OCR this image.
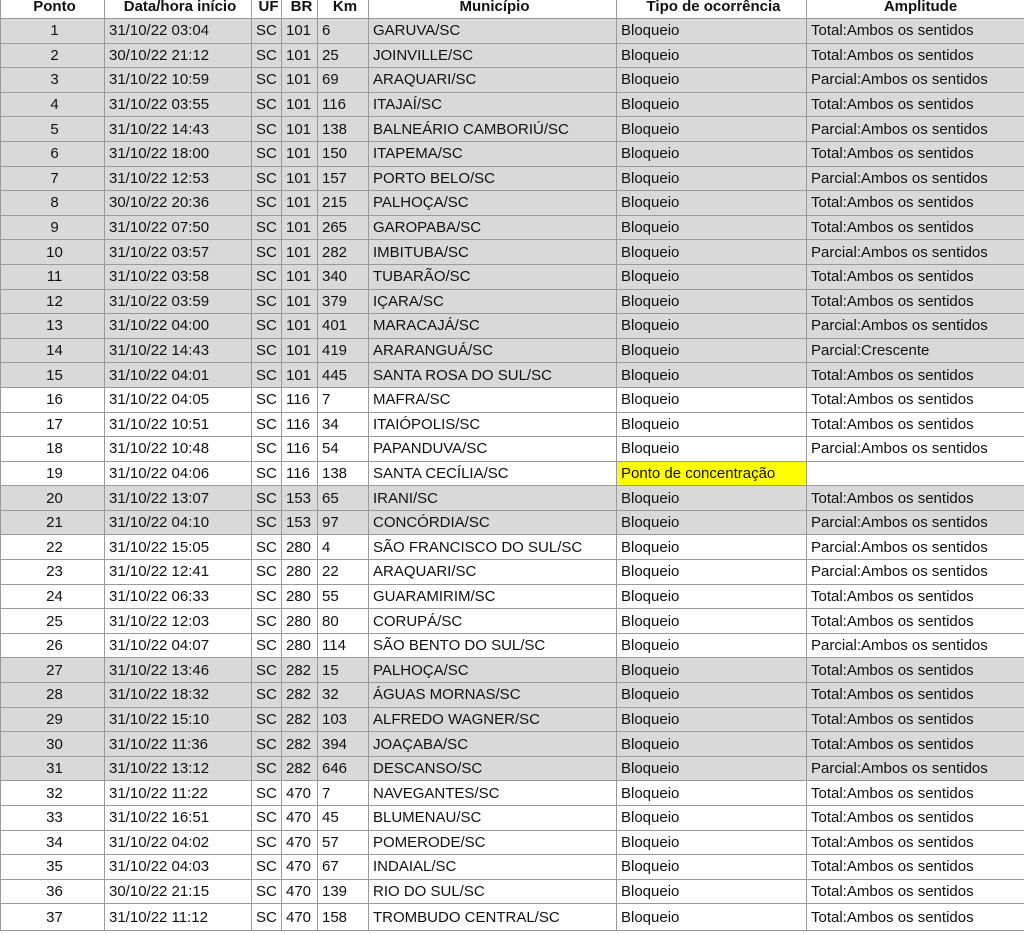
Ponto	Data/hora início	UF	BR	Km	Município	Tipo de ocorrência	Amplitude
1	31/10/22 03:04	SC	101	6	GARUVA/SC	Bloqueio	Total:Ambos os sentidos
2	30/10/22 21:12	SC	101	25	JOINVILLE/SC	Bloqueio	Total:Ambos os sentidos
3	31/10/22 10:59	SC	101	69	ARAQUARI/SC	Bloqueio	Parcial:Ambos os sentidos
4	31/10/22 03:55	SC	101	116	ITAJAÍ/SC	Bloqueio	Total:Ambos os sentidos
5	31/10/22 14:43	SC	101	138	BALNEÁRIO CAMBORIÚ/SC	Bloqueio	Parcial:Ambos os sentidos
6	31/10/22 18:00	SC	101	150	ITAPEMA/SC	Bloqueio	Total:Ambos os sentidos
7	31/10/22 12:53	SC	101	157	PORTO BELO/SC	Bloqueio	Parcial:Ambos os sentidos
8	30/10/22 20:36	SC	101	215	PALHOÇA/SC	Bloqueio	Total:Ambos os sentidos
9	31/10/22 07:50	SC	101	265	GAROPABA/SC	Bloqueio	Total:Ambos os sentidos
10	31/10/22 03:57	SC	101	282	IMBITUBA/SC	Bloqueio	Parcial:Ambos os sentidos
11	31/10/22 03:58	SC	101	340	TUBARÃO/SC	Bloqueio	Total:Ambos os sentidos
12	31/10/22 03:59	SC	101	379	IÇARA/SC	Bloqueio	Total:Ambos os sentidos
13	31/10/22 04:00	SC	101	401	MARACAJÁ/SC	Bloqueio	Parcial:Ambos os sentidos
14	31/10/22 14:43	SC	101	419	ARARANGUÁ/SC	Bloqueio	Parcial:Crescente
15	31/10/22 04:01	SC	101	445	SANTA ROSA DO SUL/SC	Bloqueio	Total:Ambos os sentidos
16	31/10/22 04:05	SC	116	7	MAFRA/SC	Bloqueio	Total:Ambos os sentidos
17	31/10/22 10:51	SC	116	34	ITAIÓPOLIS/SC	Bloqueio	Total:Ambos os sentidos
18	31/10/22 10:48	SC	116	54	PAPANDUVA/SC	Bloqueio	Parcial:Ambos os sentidos
19	31/10/22 04:06	SC	116	138	SANTA CECÍLIA/SC	Ponto de concentração	
20	31/10/22 13:07	SC	153	65	IRANI/SC	Bloqueio	Total:Ambos os sentidos
21	31/10/22 04:10	SC	153	97	CONCÓRDIA/SC	Bloqueio	Parcial:Ambos os sentidos
22	31/10/22 15:05	SC	280	4	SÃO FRANCISCO DO SUL/SC	Bloqueio	Parcial:Ambos os sentidos
23	31/10/22 12:41	SC	280	22	ARAQUARI/SC	Bloqueio	Parcial:Ambos os sentidos
24	31/10/22 06:33	SC	280	55	GUARAMIRIM/SC	Bloqueio	Total:Ambos os sentidos
25	31/10/22 12:03	SC	280	80	CORUPÁ/SC	Bloqueio	Total:Ambos os sentidos
26	31/10/22 04:07	SC	280	114	SÃO BENTO DO SUL/SC	Bloqueio	Parcial:Ambos os sentidos
27	31/10/22 13:46	SC	282	15	PALHOÇA/SC	Bloqueio	Total:Ambos os sentidos
28	31/10/22 18:32	SC	282	32	ÁGUAS MORNAS/SC	Bloqueio	Total:Ambos os sentidos
29	31/10/22 15:10	SC	282	103	ALFREDO WAGNER/SC	Bloqueio	Total:Ambos os sentidos
30	31/10/22 11:36	SC	282	394	JOAÇABA/SC	Bloqueio	Total:Ambos os sentidos
31	31/10/22 13:12	SC	282	646	DESCANSO/SC	Bloqueio	Parcial:Ambos os sentidos
32	31/10/22 11:22	SC	470	7	NAVEGANTES/SC	Bloqueio	Total:Ambos os sentidos
33	31/10/22 16:51	SC	470	45	BLUMENAU/SC	Bloqueio	Total:Ambos os sentidos
34	31/10/22 04:02	SC	470	57	POMERODE/SC	Bloqueio	Total:Ambos os sentidos
35	31/10/22 04:03	SC	470	67	INDAIAL/SC	Bloqueio	Total:Ambos os sentidos
36	30/10/22 21:15	SC	470	139	RIO DO SUL/SC	Bloqueio	Total:Ambos os sentidos
37	31/10/22 11:12	SC	470	158	TROMBUDO CENTRAL/SC	Bloqueio	Total:Ambos os sentidos
